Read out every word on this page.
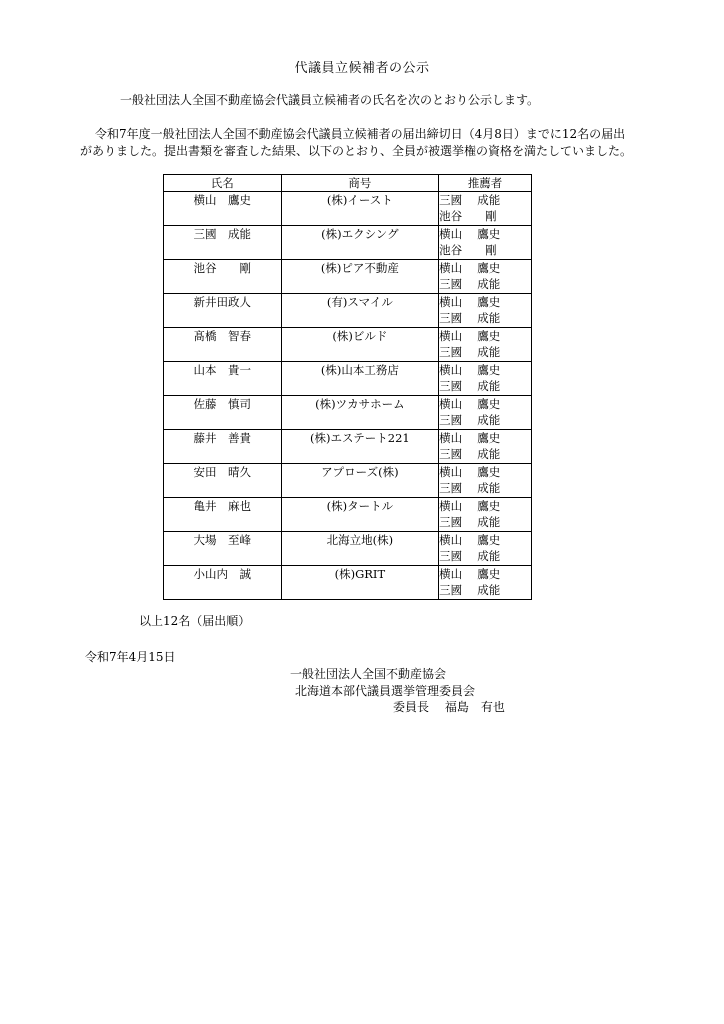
代議員立候補者の公示
一般社団法人全国不動産協会代議員立候補者の氏名を次のとおり公示します。
令和7年度一般社団法人全国不動産協会代議員立候補者の届出締切日（4月8日）までに12名の届出
がありました。提出書類を審査した結果、以下のとおり、全員が被選挙権の資格を満たしていました。
氏名	商号	推薦者
横山　鷹史	(株)イースト	三國　 成能
池谷　　剛

三國　成能	(株)エクシング	横山　 鷹史
池谷　　剛

池谷　　剛	(株)ピア不動産	横山　 鷹史
三國　 成能

新井田政人	(有)スマイル	横山　 鷹史
三國　 成能

髙橋　智春	(株)ビルド	横山　 鷹史
三國　 成能

山本　貴一	(株)山本工務店	横山　 鷹史
三國　 成能

佐藤　慎司	(株)ツカサホーム	横山　 鷹史
三國　 成能

藤井　善貴	(株)エステート221	横山　 鷹史
三國　 成能

安田　晴久	アプローズ(株)	横山　 鷹史
三國　 成能

亀井　麻也	(株)タートル	横山　 鷹史
三國　 成能

大場　至峰	北海立地(株)	横山　 鷹史
三國　 成能

小山内　誠	(株)GRIT	横山　 鷹史
三國　 成能
以上12名（届出順）
令和7年4月15日
一般社団法人全国不動産協会
北海道本部代議員選挙管理委員会
委員長　 福島　有也
